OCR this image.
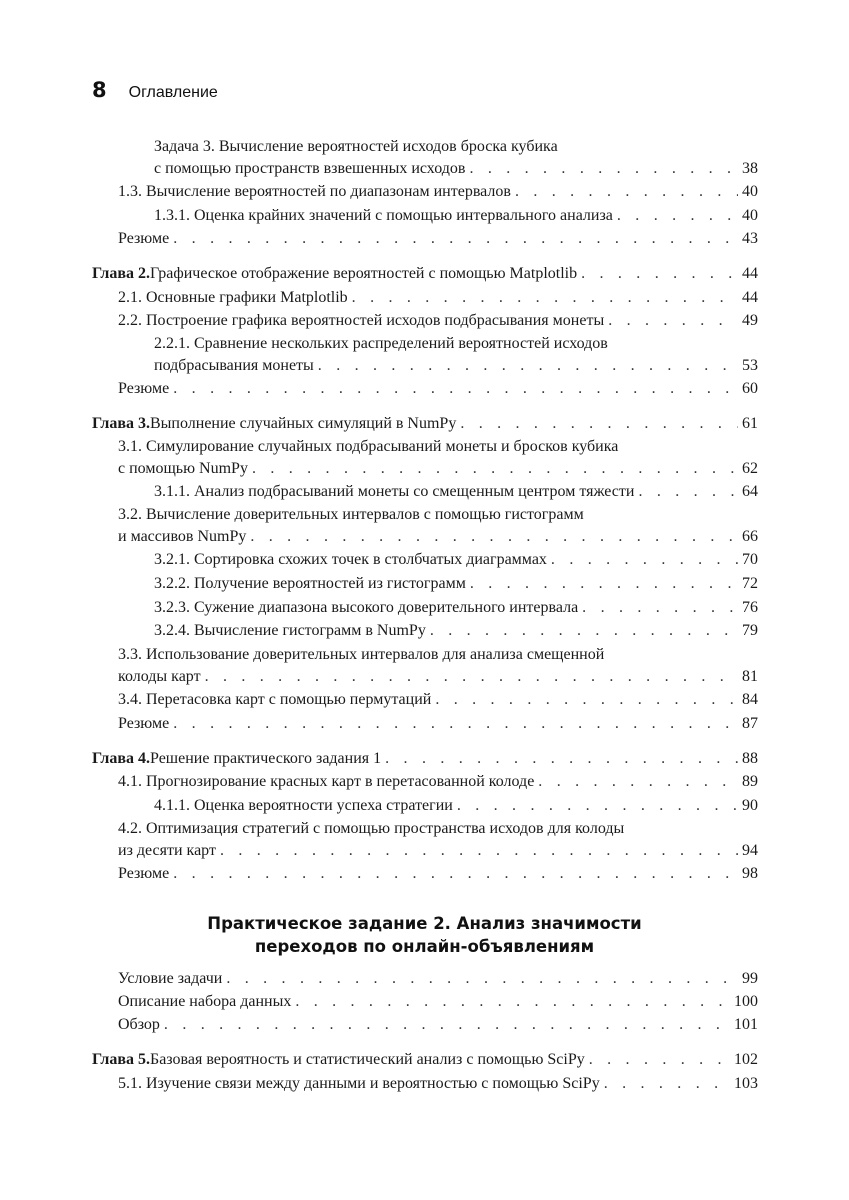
8 Оглавление
Задача 3. Вычисление вероятностей исходов броска кубика
с помощью пространств взвешенных исходов . . .	38
1.3. Вычисление вероятностей по диапазонам интервалов . . .	40
1.3.1. Оценка крайних значений с помощью интервального анализа . . .	40
Резюме . . .	43
Глава 2. Графическое отображение вероятностей с помощью Matplotlib . . .	44
2.1. Основные графики Matplotlib . . .	44
2.2. Построение графика вероятностей исходов подбрасывания монеты . . .	49
2.2.1. Сравнение нескольких распределений вероятностей исходов
подбрасывания монеты . . .	53
Резюме . . .	60
Глава 3. Выполнение случайных симуляций в NumPy . . .	61
3.1. Симулирование случайных подбрасываний монеты и бросков кубика
с помощью NumPy . . .	62
3.1.1. Анализ подбрасываний монеты со смещенным центром тяжести . . .	64
3.2. Вычисление доверительных интервалов с помощью гистограмм
и массивов NumPy . . .	66
3.2.1. Сортировка схожих точек в столбчатых диаграммах . . .	70
3.2.2. Получение вероятностей из гистограмм . . .	72
3.2.3. Сужение диапазона высокого доверительного интервала . . .	76
3.2.4. Вычисление гистограмм в NumPy . . .	79
3.3. Использование доверительных интервалов для анализа смещенной
колоды карт . . .	81
3.4. Перетасовка карт с помощью пермутаций . . .	84
Резюме . . .	87
Глава 4. Решение практического задания 1 . . .	88
4.1. Прогнозирование красных карт в перетасованной колоде . . .	89
4.1.1. Оценка вероятности успеха стратегии . . .	90
4.2. Оптимизация стратегий с помощью пространства исходов для колоды
из десяти карт . . .	94
Резюме . . .	98
Практическое задание 2. Анализ значимости
переходов по онлайн-объявлениям
Условие задачи . . .	99
Описание набора данных . . .	100
Обзор . . .	101
Глава 5. Базовая вероятность и статистический анализ с помощью SciPy . . .	102
5.1. Изучение связи между данными и вероятностью с помощью SciPy . . .	103
